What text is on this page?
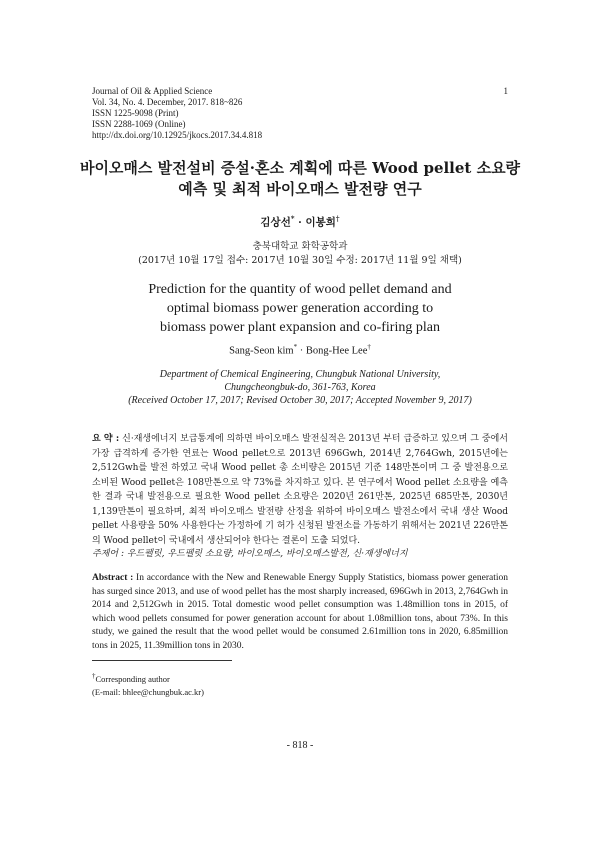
Journal of Oil & Applied Science
Vol. 34, No. 4. December, 2017. 818~826
ISSN 1225-9098 (Print)
ISSN 2288-1069 (Online)
http://dx.doi.org/10.12925/jkocs.2017.34.4.818
1
바이오매스 발전설비 증설·혼소 계획에 따른 Wood pellet 소요량
예측 및 최적 바이오매스 발전량 연구
김상선* · 이봉희†
충북대학교 화학공학과
(2017년 10월 17일 접수: 2017년 10월 30일 수정: 2017년 11월 9일 채택)
Prediction for the quantity of wood pellet demand and
optimal biomass power generation according to
biomass power plant expansion and co-firing plan
Sang-Seon kim* · Bong-Hee Lee†
Department of Chemical Engineering, Chungbuk National University,
Chungcheongbuk-do, 361-763, Korea
(Received October 17, 2017; Revised October 30, 2017; Accepted November 9, 2017)
요 약 : 신·재생에너지 보급통계에 의하면 바이오매스 발전실적은 2013년 부터 급증하고 있으며 그 중에서 가장 급격하게 증가한 연료는 Wood pellet으로 2013년 696Gwh, 2014년 2,764Gwh, 2015년에는 2,512Gwh를 발전 하였고 국내 Wood pellet 총 소비량은 2015년 기준 148만톤이며 그 중 발전용으로 소비된 Wood pellet은 108만톤으로 약 73%를 차지하고 있다. 본 연구에서 Wood pellet 소요량을 예측한 결과 국내 발전용으로 필요한 Wood pellet 소요량은 2020년 261만톤, 2025년 685만톤, 2030년 1,139만톤이 필요하며, 최적 바이오매스 발전량 산정을 위하여 바이오매스 발전소에서 국내 생산 Wood pellet 사용량을 50% 사용한다는 가정하에 기 허가 신청된 발전소를 가동하기 위해서는 2021년 226만톤의 Wood pellet이 국내에서 생산되어야 한다는 결론이 도출 되었다.
주제어 : 우드펠릿, 우드펠릿 소요량, 바이오매스, 바이오매스발전, 신·재생에너지
Abstract : In accordance with the New and Renewable Energy Supply Statistics, biomass power generation has surged since 2013, and use of wood pellet has the most sharply increased, 696Gwh in 2013, 2,764Gwh in 2014 and 2,512Gwh in 2015. Total domestic wood pellet consumption was 1.48million tons in 2015, of which wood pellets consumed for power generation account for about 1.08million tons, about 73%. In this study, we gained the result that the wood pellet would be consumed 2.61million tons in 2020, 6.85million tons in 2025, 11.39million tons in 2030.
†Corresponding author
(E-mail: bhlee@chungbuk.ac.kr)
- 818 -
